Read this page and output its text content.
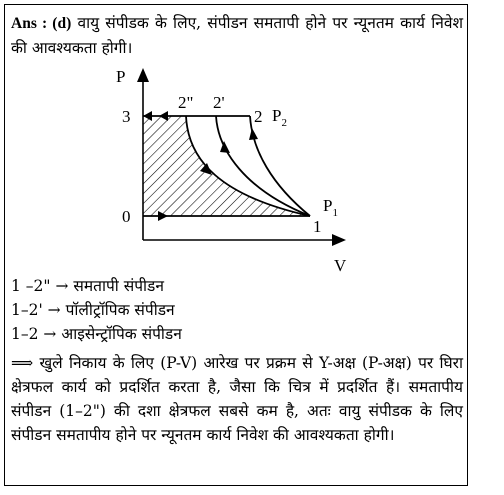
Ans : (d) वायु संपीडक के लिए, संपीडन समतापी होने पर न्यूनतम कार्य निवेश की आवश्यकता होगी।
1 –2" → समतापी संपीडन
1–2' → पॉलीट्रॉपिक संपीडन
1–2 → आइसेन्ट्रॉपिक संपीडन
⟹ खुले निकाय के लिए (P-V) आरेख पर प्रक्रम से Y-अक्ष (P-अक्ष) पर घिरा क्षेत्रफल कार्य को प्रदर्शित करता है, जैसा कि चित्र में प्रदर्शित हैं। समतापीय संपीडन (1–2") की दशा क्षेत्रफल सबसे कम है, अतः वायु संपीडक के लिए संपीडन समतापीय होने पर न्यूनतम कार्य निवेश की आवश्यकता होगी।
P
V
3
0
2" 2'
2 $P_2$
1
$P_1$
